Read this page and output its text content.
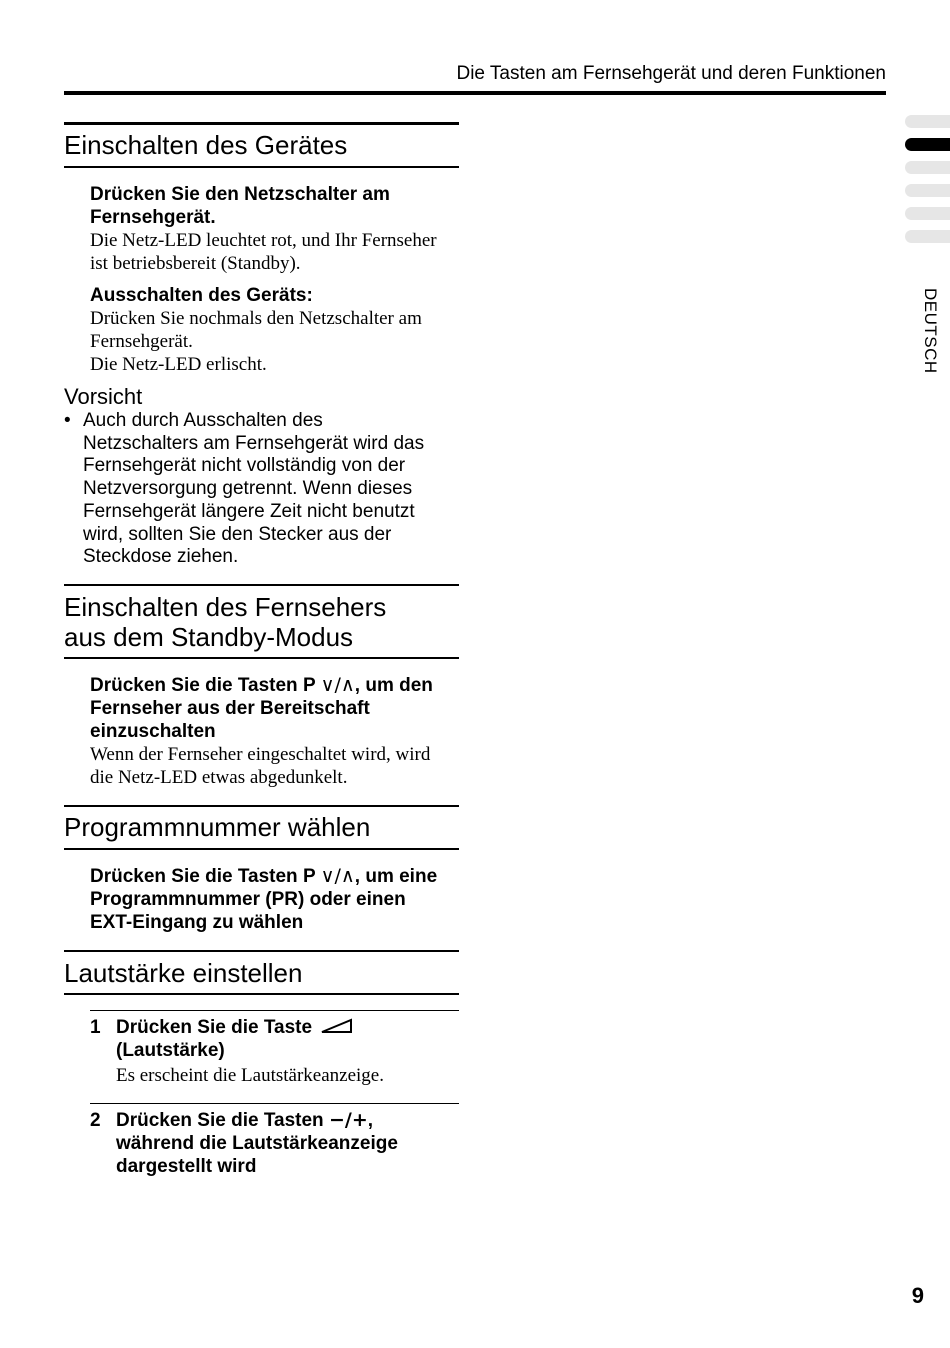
Die Tasten am Fernsehgerät und deren Funktionen
DEUTSCH
Einschalten des Gerätes
Drücken Sie den Netzschalter am
Fernsehgerät.
Die Netz-LED leuchtet rot, und Ihr Fernseher
ist betriebsbereit (Standby).
Ausschalten des Geräts:
Drücken Sie nochmals den Netzschalter am
Fernsehgerät.
Die Netz-LED erlischt.
Vorsicht
• Auch durch Ausschalten des
Netzschalters am Fernsehgerät wird das
Fernsehgerät nicht vollständig von der
Netzversorgung getrennt. Wenn dieses
Fernsehgerät längere Zeit nicht benutzt
wird, sollten Sie den Stecker aus der
Steckdose ziehen.
Einschalten des Fernsehers
aus dem Standby-Modus
Drücken Sie die Tasten P ∨/∧, um den
Fernseher aus der Bereitschaft
einzuschalten
Wenn der Fernseher eingeschaltet wird, wird
die Netz-LED etwas abgedunkelt.
Programmnummer wählen
Drücken Sie die Tasten P ∨/∧, um eine
Programmnummer (PR) oder einen
EXT-Eingang zu wählen
Lautstärke einstellen
1 Drücken Sie die Taste
(Lautstärke)
Es erscheint die Lautstärkeanzeige.
2 Drücken Sie die Tasten −/+,
während die Lautstärkeanzeige
dargestellt wird
9
